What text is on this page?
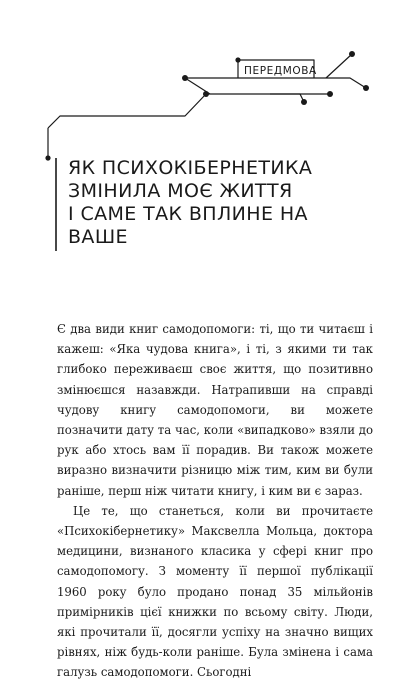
ПЕРЕДМОВА
ЯК ПСИХОКІБЕРНЕТИКА
ЗМІНИЛА МОЄ ЖИТТЯ
І САМЕ ТАК ВПЛИНЕ НА
ВАШЕ

Є два види книг самодопомоги: ті, що ти читаєш і кажеш: «Яка чудова книга», і ті, з якими ти так глибоко переживаєш своє життя, що позитивно змінюєшся назавжди. Натрапивши на справді чудову книгу самодопомоги, ви можете позначити дату та час, коли «випадково» взяли до рук або хтось вам її порадив. Ви також можете виразно визначити різницю між тим, ким ви були раніше, перш ніж читати книгу, і ким ви є зараз.

Це те, що станеться, коли ви прочитаєте «Психокібернетику» Максвелла Мольца, доктора медицини, визнаного класика у сфері книг про самодопомогу. З моменту її першої публікації 1960 року було продано понад 35 мільйонів примірників цієї книжки по всьому світу. Люди, які прочитали її, досягли успіху на значно вищих рівнях, ніж будь-коли раніше. Була змінена і сама галузь самодопомоги. Сьогодні
